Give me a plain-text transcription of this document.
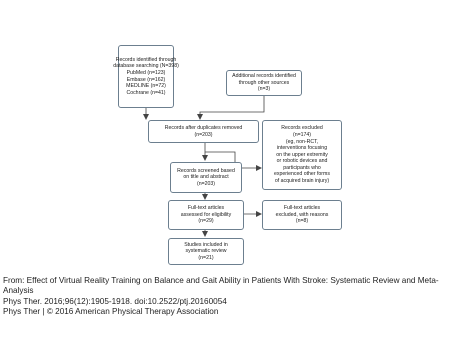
Records identified through
database searching (N=398)
PubMed (n=123)
Embase (n=162)
MEDLINE (n=72)
Cochrane (n=41)
Additional records identified
through other sources
(n=3)
Records after duplicates removed
(n=203)
Records excluded
(n=174)
(eg, non-RCT,
interventions focusing
on the upper extremity
or robotic devices and
participants who
experienced other forms
of acquired brain injury)
Records screened based
on title and abstract
(n=203)
Full-text articles
assessed for eligibility
(n=29)
Full-text articles
excluded, with reasons
(n=8)
Studies included in
systematic review
(n=21)
From: Effect of Virtual Reality Training on Balance and Gait Ability in Patients With Stroke: Systematic Review and Meta-Analysis
Phys Ther. 2016;96(12):1905-1918. doi:10.2522/ptj.20160054
Phys Ther | © 2016 American Physical Therapy Association
